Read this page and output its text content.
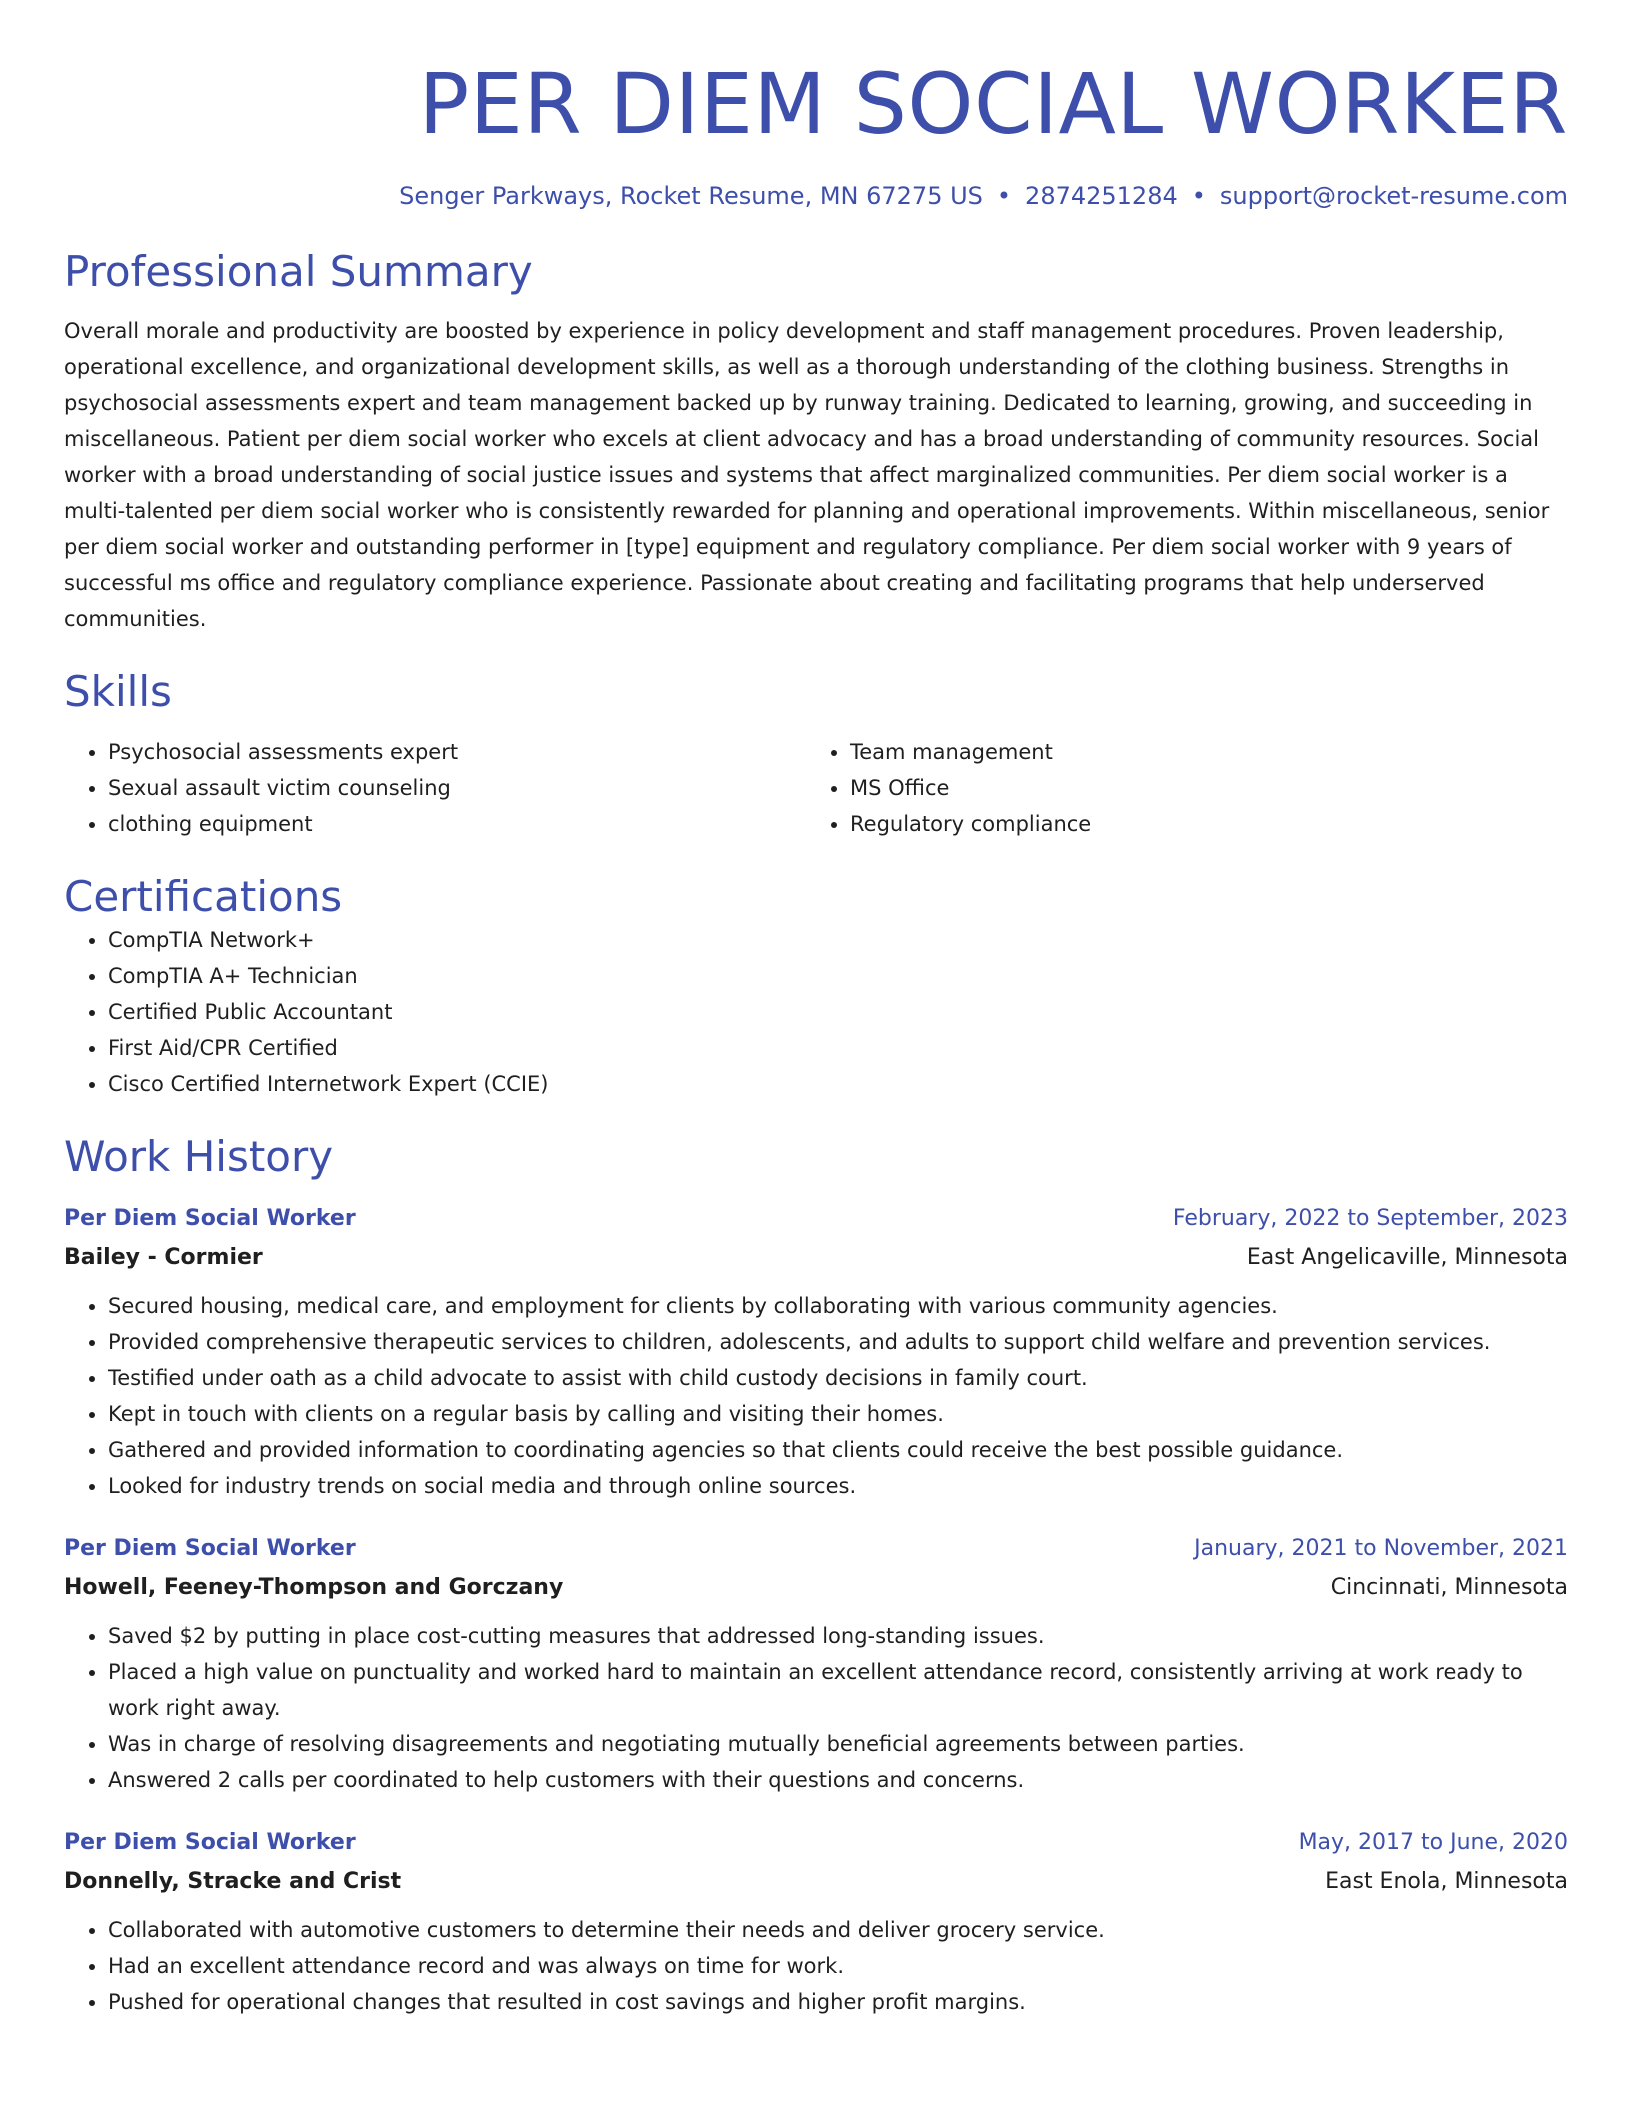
PER DIEM SOCIAL WORKER
Senger Parkways, Rocket Resume, MN 67275 US • 2874251284 • support@rocket-resume.com
Professional Summary
Overall morale and productivity are boosted by experience in policy development and staff management procedures. Proven leadership, operational excellence, and organizational development skills, as well as a thorough understanding of the clothing business. Strengths in psychosocial assessments expert and team management backed up by runway training. Dedicated to learning, growing, and succeeding in miscellaneous. Patient per diem social worker who excels at client advocacy and has a broad understanding of community resources. Social worker with a broad understanding of social justice issues and systems that affect marginalized communities. Per diem social worker is a multi-talented per diem social worker who is consistently rewarded for planning and operational improvements. Within miscellaneous, senior per diem social worker and outstanding performer in [type] equipment and regulatory compliance. Per diem social worker with 9 years of successful ms office and regulatory compliance experience. Passionate about creating and facilitating programs that help underserved communities.
Skills
• Psychosocial assessments expert
• Sexual assault victim counseling
• clothing equipment
• Team management
• MS Office
• Regulatory compliance
Certifications
• CompTIA Network+
• CompTIA A+ Technician
• Certified Public Accountant
• First Aid/CPR Certified
• Cisco Certified Internetwork Expert (CCIE)
Work History
Per Diem Social Worker	February, 2022 to September, 2023
Bailey - Cormier	East Angelicaville, Minnesota
• Secured housing, medical care, and employment for clients by collaborating with various community agencies.
• Provided comprehensive therapeutic services to children, adolescents, and adults to support child welfare and prevention services.
• Testified under oath as a child advocate to assist with child custody decisions in family court.
• Kept in touch with clients on a regular basis by calling and visiting their homes.
• Gathered and provided information to coordinating agencies so that clients could receive the best possible guidance.
• Looked for industry trends on social media and through online sources.
Per Diem Social Worker	January, 2021 to November, 2021
Howell, Feeney-Thompson and Gorczany	Cincinnati, Minnesota
• Saved $2 by putting in place cost-cutting measures that addressed long-standing issues.
• Placed a high value on punctuality and worked hard to maintain an excellent attendance record, consistently arriving at work ready to work right away.
• Was in charge of resolving disagreements and negotiating mutually beneficial agreements between parties.
• Answered 2 calls per coordinated to help customers with their questions and concerns.
Per Diem Social Worker	May, 2017 to June, 2020
Donnelly, Stracke and Crist	East Enola, Minnesota
• Collaborated with automotive customers to determine their needs and deliver grocery service.
• Had an excellent attendance record and was always on time for work.
• Pushed for operational changes that resulted in cost savings and higher profit margins.
